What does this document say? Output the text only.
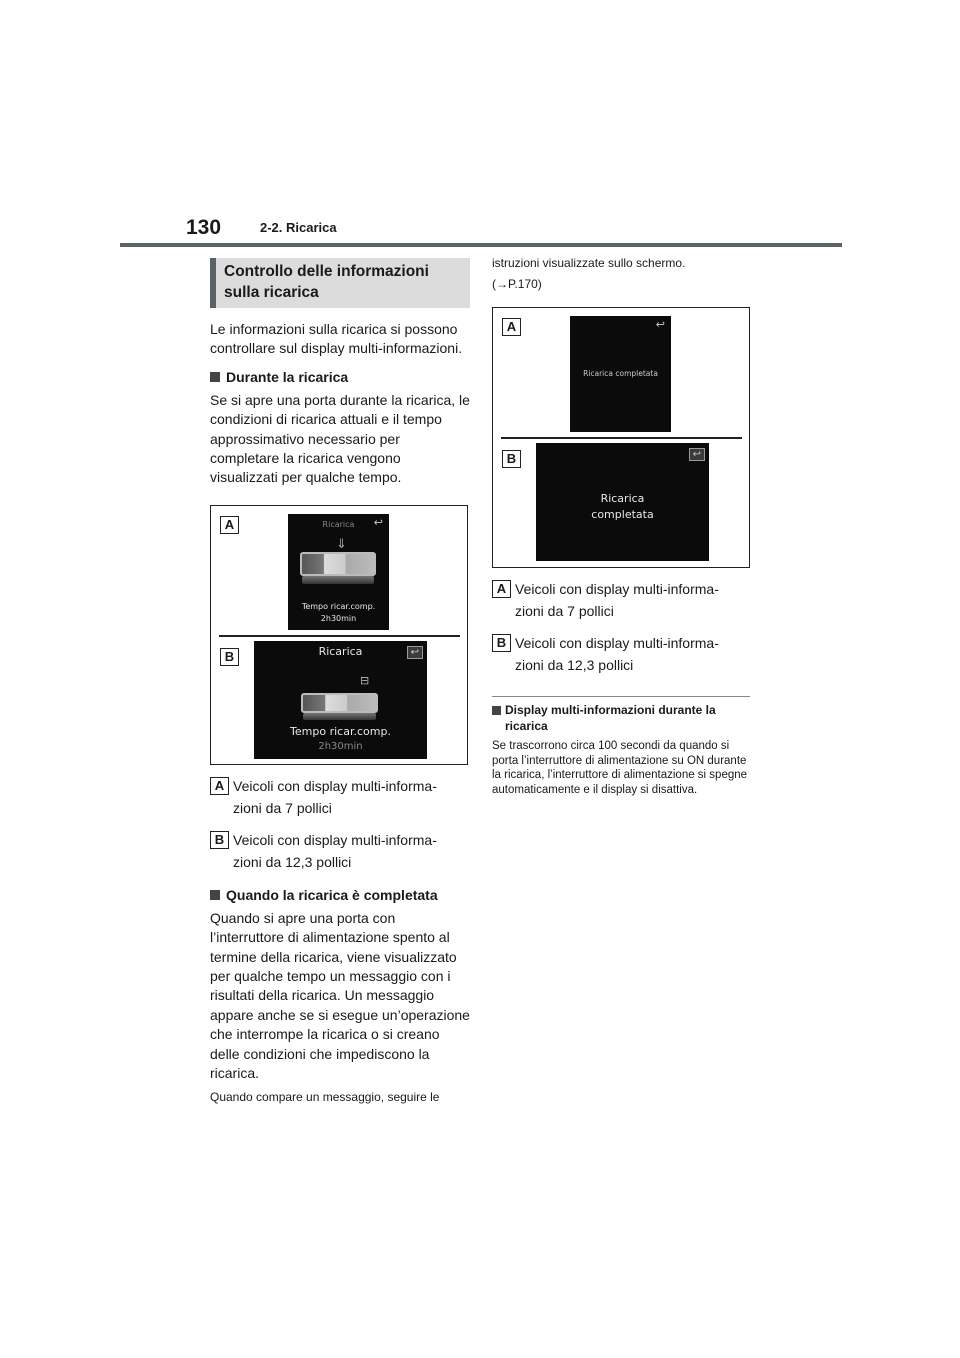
130	2-2. Ricarica
Controllo delle informazioni
sulla ricarica

Le informazioni sulla ricarica si possono controllare sul display multi-informazioni.

Durante la ricarica

Se si apre una porta durante la ricarica, le condizioni di ricarica attuali e il tempo approssimativo necessario per completare la ricarica vengono visualizzati per qualche tempo.

A	Ricarica	↩
⇓
Tempo ricar.comp.
2h30min
B	Ricarica	↩
⊟
Tempo ricar.comp.
2h30min
A Veicoli con display multi-informa-
zioni da 7 pollici
B Veicoli con display multi-informa-
zioni da 12,3 pollici
Quando la ricarica è completata

Quando si apre una porta con l’interruttore di alimentazione spento al termine della ricarica, viene visualizzato per qualche tempo un messaggio con i risultati della ricarica. Un messaggio appare anche se si esegue un’operazione che interrompe la ricarica o si creano delle condizioni che impediscono la ricarica.

Quando compare un messaggio, seguire le

istruzioni visualizzate sullo schermo.

(→P.170)

A	↩
Ricarica completata
B	↩
Ricarica
completata
A Veicoli con display multi-informa-
zioni da 7 pollici
B Veicoli con display multi-informa-
zioni da 12,3 pollici
Display multi-informazioni durante la
ricarica

Se trascorrono circa 100 secondi da quando si porta l’interruttore di alimentazione su ON durante la ricarica, l’interruttore di alimentazione si spegne automaticamente e il display si disattiva.
